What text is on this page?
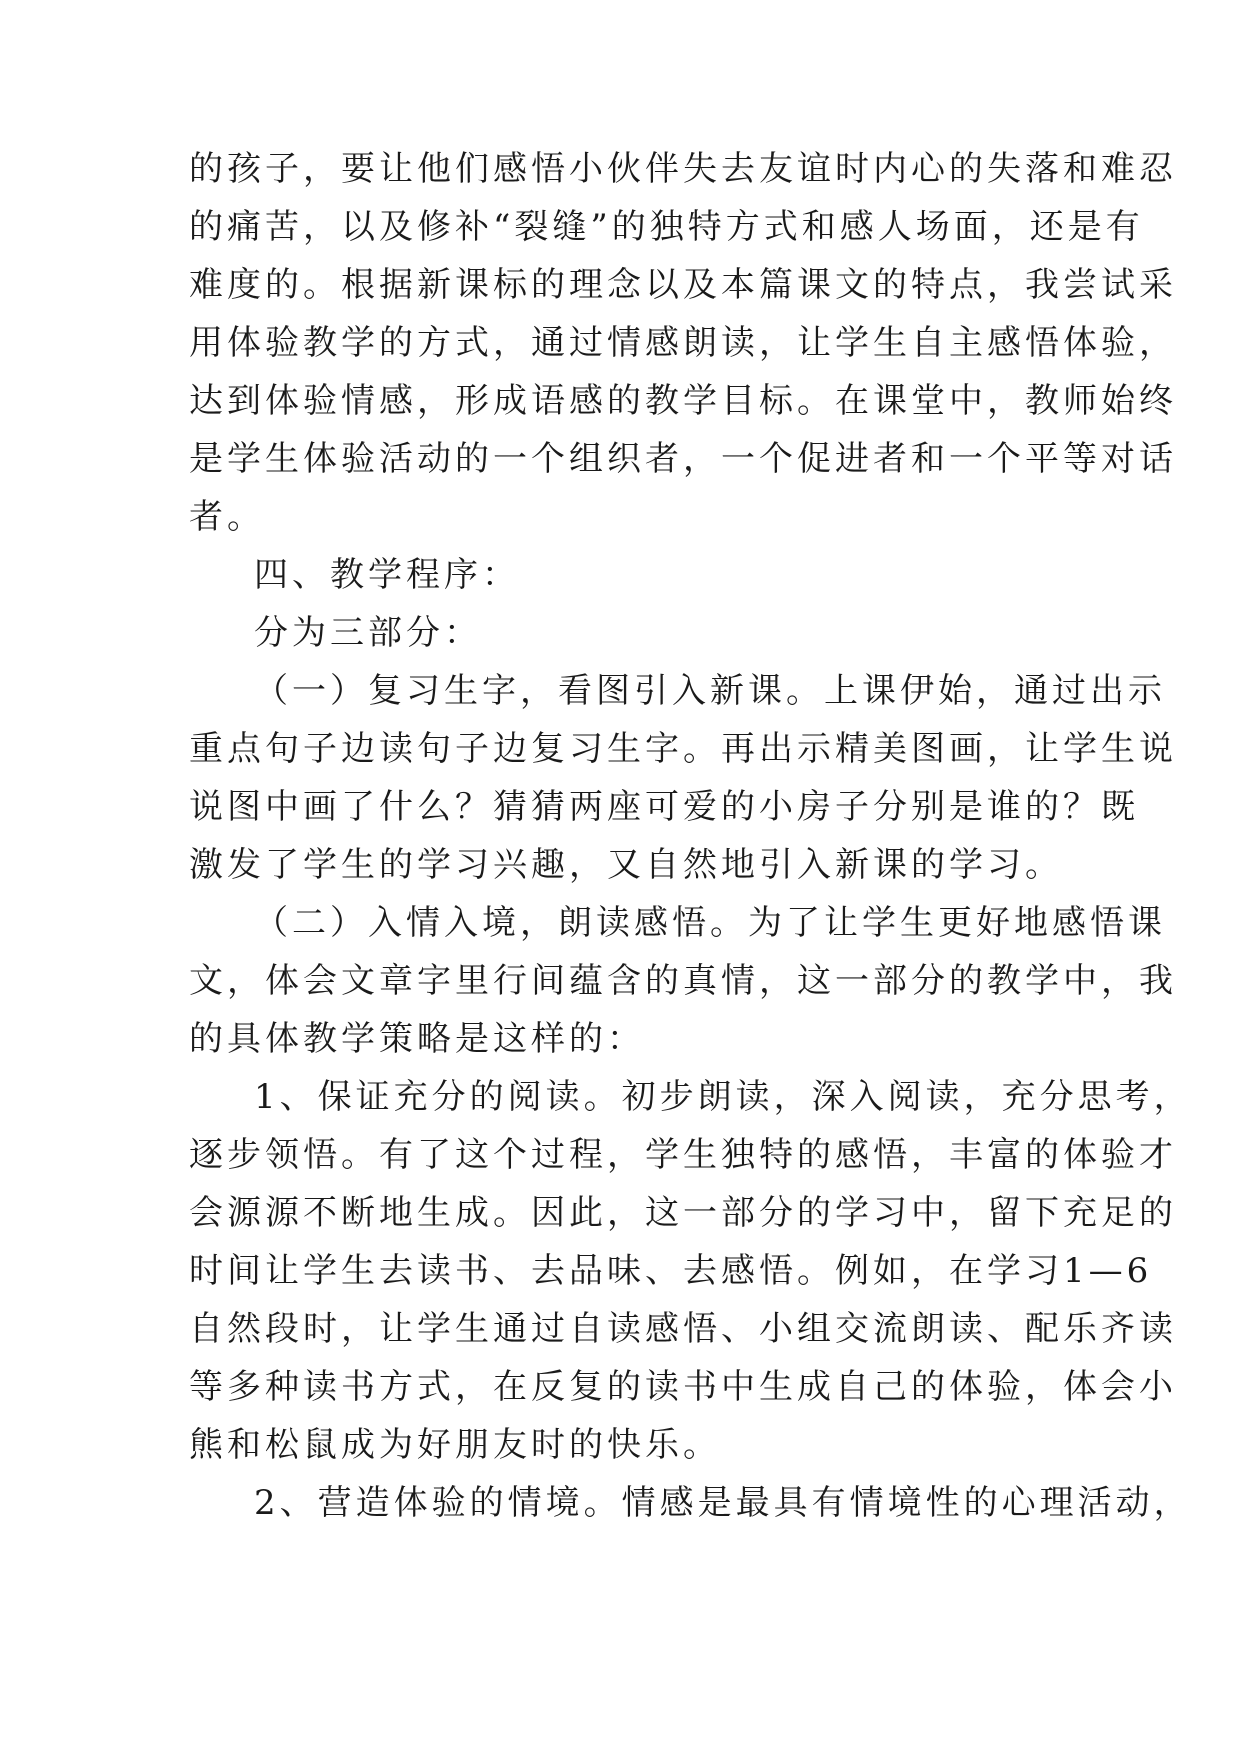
的孩子，要让他们感悟小伙伴失去友谊时内心的失落和难忍
的痛苦，以及修补“裂缝”的独特方式和感人场面，还是有
难度的。根据新课标的理念以及本篇课文的特点，我尝试采
用体验教学的方式，通过情感朗读，让学生自主感悟体验，
达到体验情感，形成语感的教学目标。在课堂中，教师始终
是学生体验活动的一个组织者，一个促进者和一个平等对话
者。
四、教学程序：
分为三部分：
（一）复习生字，看图引入新课。上课伊始，通过出示
重点句子边读句子边复习生字。再出示精美图画，让学生说
说图中画了什么？猜猜两座可爱的小房子分别是谁的？既
激发了学生的学习兴趣，又自然地引入新课的学习。
（二）入情入境，朗读感悟。为了让学生更好地感悟课
文，体会文章字里行间蕴含的真情，这一部分的教学中，我
的具体教学策略是这样的：
1、保证充分的阅读。初步朗读，深入阅读，充分思考，
逐步领悟。有了这个过程，学生独特的感悟，丰富的体验才
会源源不断地生成。因此，这一部分的学习中，留下充足的
时间让学生去读书、去品味、去感悟。例如，在学习1—6
自然段时，让学生通过自读感悟、小组交流朗读、配乐齐读
等多种读书方式，在反复的读书中生成自己的体验，体会小
熊和松鼠成为好朋友时的快乐。
2、营造体验的情境。情感是最具有情境性的心理活动，
